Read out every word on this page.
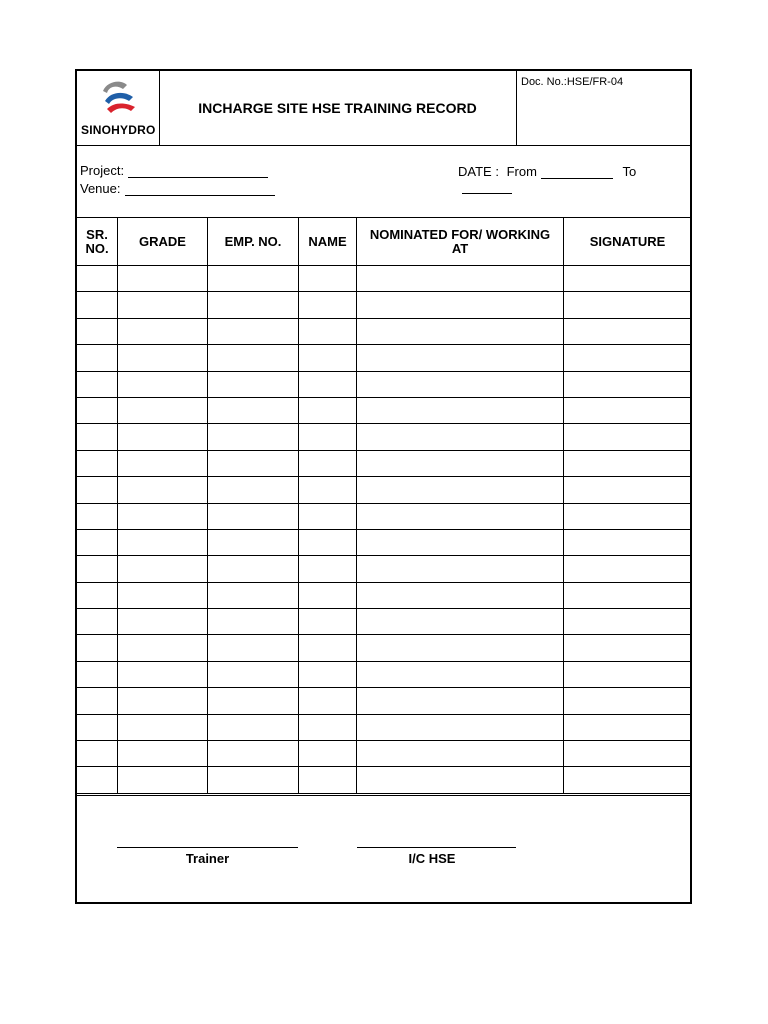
SINOHYDRO
INCHARGE SITE HSE TRAINING RECORD
Doc. No.:HSE/FR-04
Project:
Venue:
DATE : From	To
SR. NO.	GRADE	EMP. NO.	NAME	NOMINATED FOR/ WORKING AT	SIGNATURE

Trainer	I/C HSE
